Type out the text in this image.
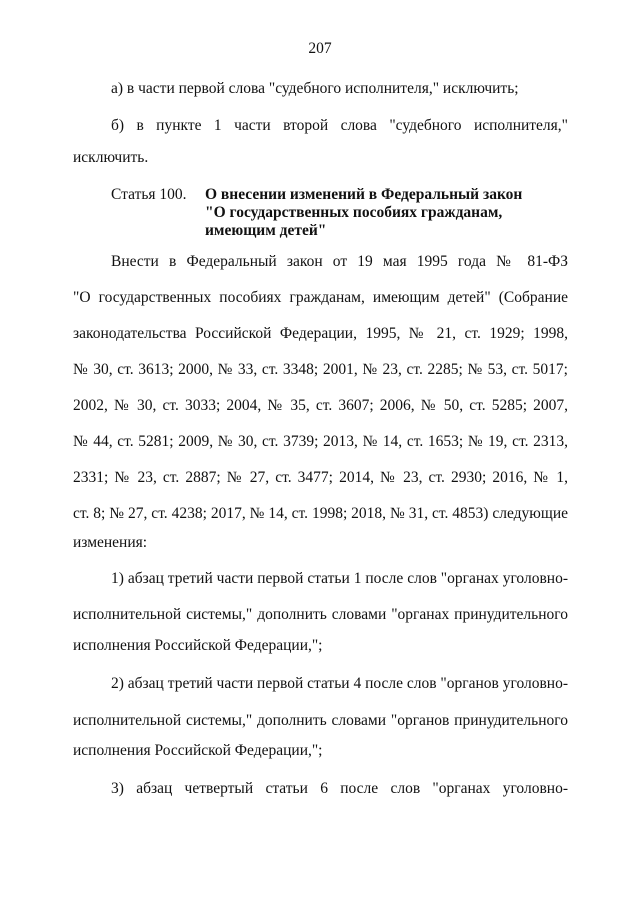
207
а) в части первой слова "судебного исполнителя," исключить;
б) в пункте 1 части второй слова "судебного исполнителя,"
исключить.
Статья 100. О внесении изменений в Федеральный закон
"О государственных пособиях гражданам,
имеющим детей"
Внести в Федеральный закон от 19 мая 1995 года № 81-ФЗ
"О государственных пособиях гражданам, имеющим детей" (Собрание
законодательства Российской Федерации, 1995, № 21, ст. 1929; 1998,
№ 30, ст. 3613; 2000, № 33, ст. 3348; 2001, № 23, ст. 2285; № 53, ст. 5017;
2002, № 30, ст. 3033; 2004, № 35, ст. 3607; 2006, № 50, ст. 5285; 2007,
№ 44, ст. 5281; 2009, № 30, ст. 3739; 2013, № 14, ст. 1653; № 19, ст. 2313,
2331; № 23, ст. 2887; № 27, ст. 3477; 2014, № 23, ст. 2930; 2016, № 1,
ст. 8; № 27, ст. 4238; 2017, № 14, ст. 1998; 2018, № 31, ст. 4853) следующие
изменения:
1) абзац третий части первой статьи 1 после слов "органах уголовно-
исполнительной системы," дополнить словами "органах принудительного
исполнения Российской Федерации,";
2) абзац третий части первой статьи 4 после слов "органов уголовно-
исполнительной системы," дополнить словами "органов принудительного
исполнения Российской Федерации,";
3) абзац четвертый статьи 6 после слов "органах уголовно-
